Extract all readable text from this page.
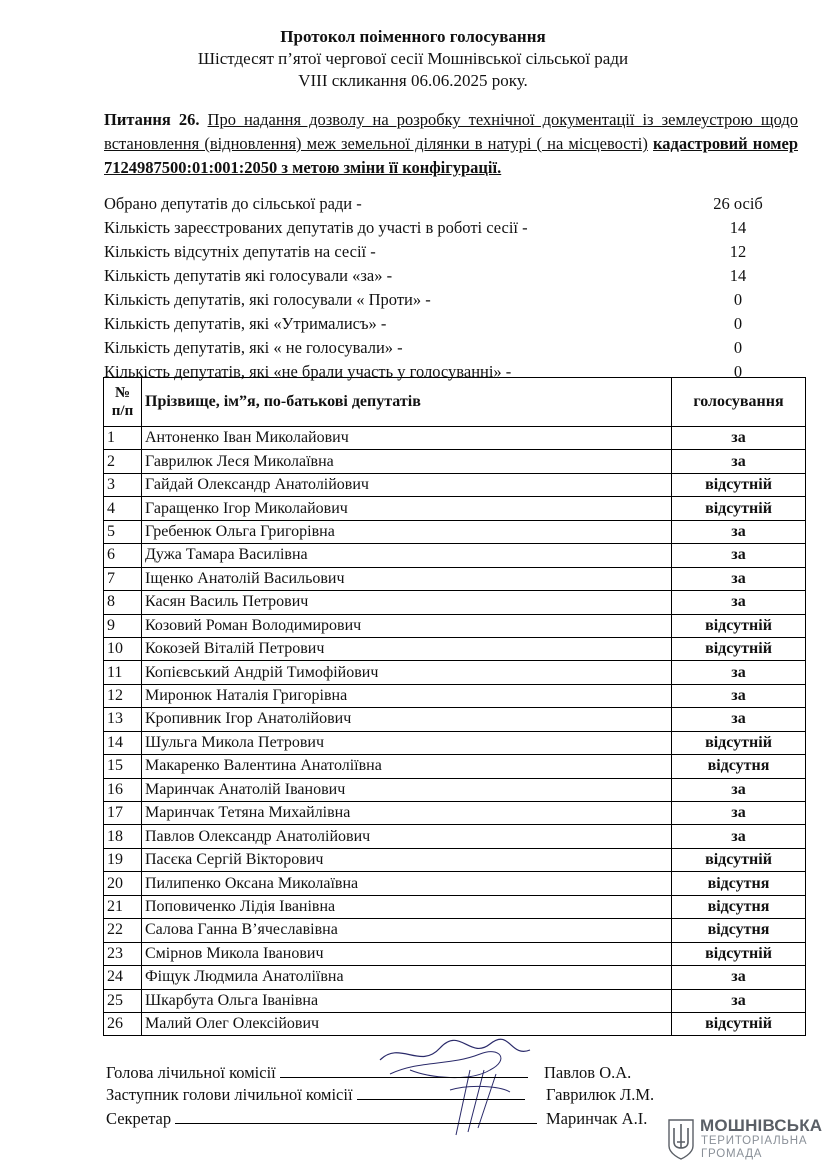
Протокол поіменного голосування
Шістдесят п’ятої чергової сесії Мошнівської сільської ради
VIII скликання 06.06.2025 року.
Питання 26. Про надання дозволу на розробку технічної документації із землеустрою щодо встановлення (відновлення) меж земельної ділянки в натурі ( на місцевості) кадастровий номер 7124987500:01:001:2050 з метою зміни її конфігурації.
Обрано депутатів до сільської ради -	26 осіб
Кількість зареєстрованих депутатів до участі в роботі сесії -	14
Кількість відсутніх депутатів на сесії -	12
Кількість депутатів які голосували «за» -	14
Кількість депутатів, які голосували « Проти» -	0
Кількість депутатів, які «Утрималисъ» -	0
Кількість депутатів, які « не голосували» -	0
Кількість депутатів, які «не брали участь у голосуванні» -	0
№
п/п	Прізвище, ім”я, по-батькові депутатів	голосування
1	Антоненко Іван Миколайович	за
2	Гаврилюк Леся Миколаївна	за
3	Гайдай Олександр Анатолійович	відсутній
4	Гаращенко Ігор Миколайович	відсутній
5	Гребенюк Ольга Григорівна	за
6	Дужа Тамара Василівна	за
7	Іщенко Анатолій Васильович	за
8	Касян Василь Петрович	за
9	Козовий Роман Володимирович	відсутній
10	Кокозей Віталій Петрович	відсутній
11	Копієвський Андрій Тимофійович	за
12	Миронюк Наталія Григорівна	за
13	Кропивник Ігор Анатолійович	за
14	Шульга Микола Петрович	відсутній
15	Макаренко Валентина Анатоліївна	відсутня
16	Маринчак Анатолій Іванович	за
17	Маринчак Тетяна Михайлівна	за
18	Павлов Олександр Анатолійович	за
19	Пасєка Сергій Вікторович	відсутній
20	Пилипенко Оксана Миколаївна	відсутня
21	Поповиченко Лідія Іванівна	відсутня
22	Салова Ганна В’ячеславівна	відсутня
23	Смірнов Микола Іванович	відсутній
24	Фіщук Людмила Анатоліївна	за
25	Шкарбута Ольга Іванівна	за
26	Малий Олег Олексійович	відсутній
Голова лічильної комісії	Павлов О.А.
Заступник голови лічильної комісії	Гаврилюк Л.М.
Секретар	Маринчак А.І.	МОШНІВСЬКА
ТЕРИТОРІАЛЬНА
ГРОМАДА
